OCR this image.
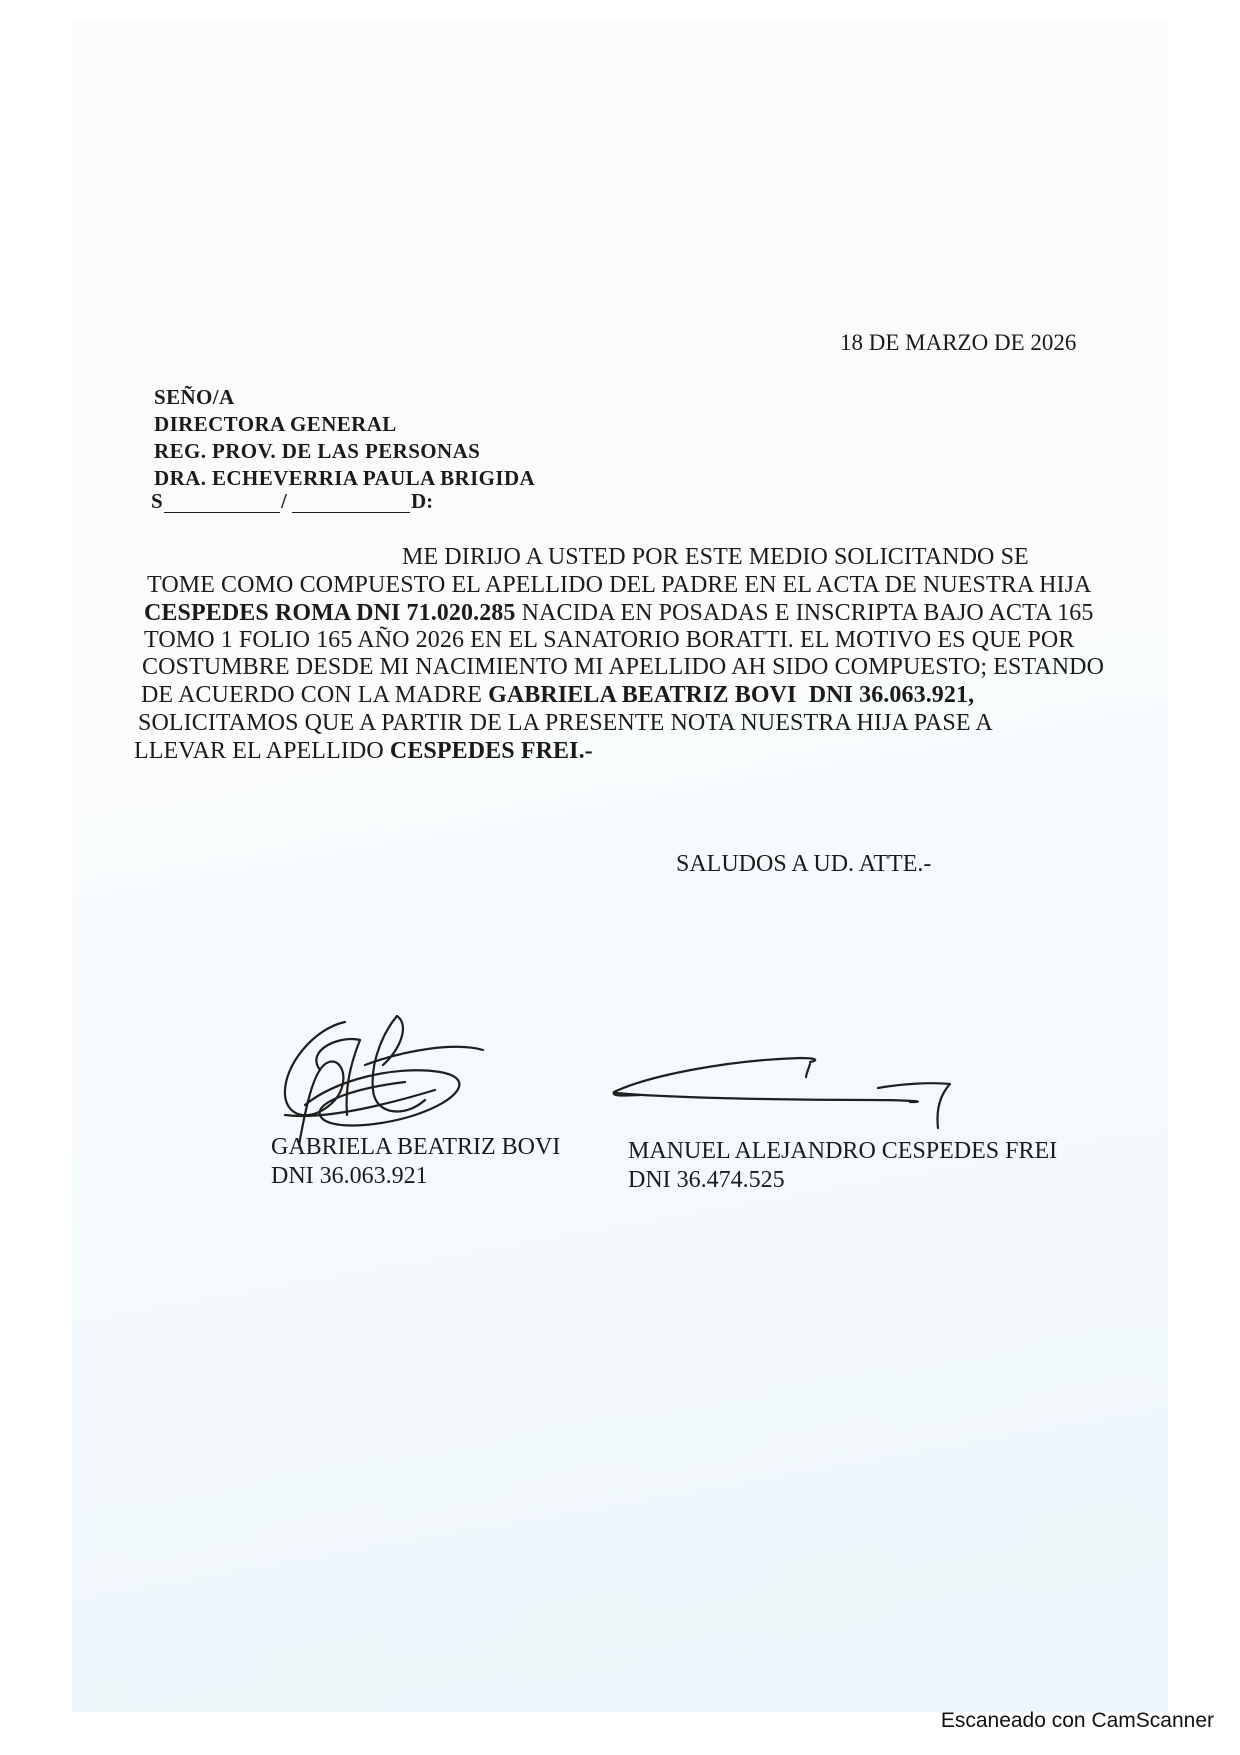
18 DE MARZO DE 2026
SEÑO/A
DIRECTORA GENERAL
REG. PROV. DE LAS PERSONAS
DRA. ECHEVERRIA PAULA BRIGIDA
S	/	D:
ME DIRIJO A USTED POR ESTE MEDIO SOLICITANDO SE
TOME COMO COMPUESTO EL APELLIDO DEL PADRE EN EL ACTA DE NUESTRA HIJA
CESPEDES ROMA DNI 71.020.285 NACIDA EN POSADAS E INSCRIPTA BAJO ACTA 165
TOMO 1 FOLIO 165 AÑO 2026 EN EL SANATORIO BORATTI. EL MOTIVO ES QUE POR
COSTUMBRE DESDE MI NACIMIENTO MI APELLIDO AH SIDO COMPUESTO; ESTANDO
DE ACUERDO CON LA MADRE GABRIELA BEATRIZ BOVI  DNI 36.063.921,
SOLICITAMOS QUE A PARTIR DE LA PRESENTE NOTA NUESTRA HIJA PASE A
LLEVAR EL APELLIDO CESPEDES FREI.-
SALUDOS A UD. ATTE.-
GABRIELA BEATRIZ BOVI
DNI 36.063.921
MANUEL ALEJANDRO CESPEDES FREI
DNI 36.474.525
Escaneado con CamScanner
